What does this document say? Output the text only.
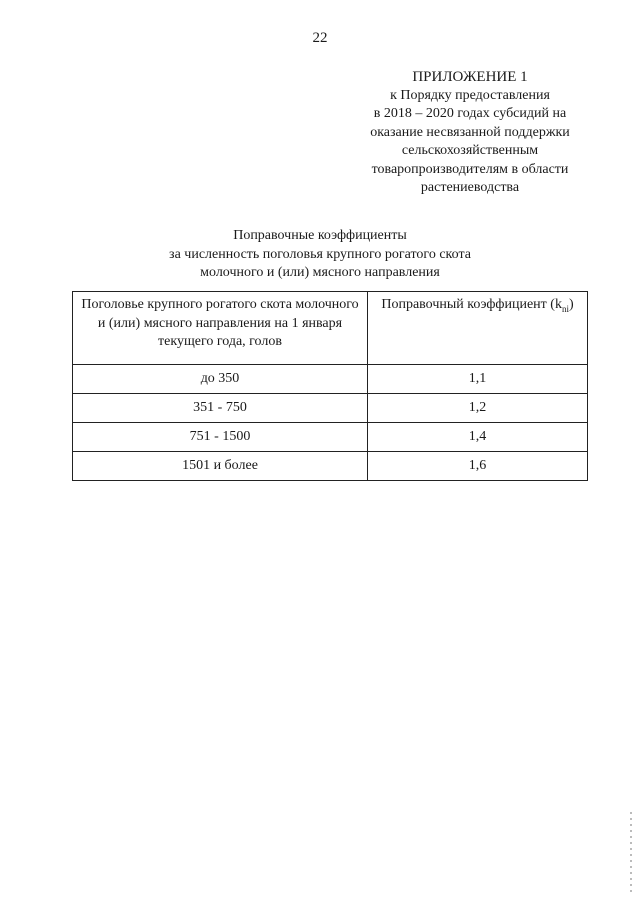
22
ПРИЛОЖЕНИЕ 1
к Порядку предоставления
в 2018 – 2020 годах субсидий на
оказание несвязанной поддержки
сельскохозяйственным
товаропроизводителям в области
растениеводства
Поправочные коэффициенты
за численность поголовья крупного рогатого скота
молочного и (или) мясного направления
Поголовье крупного рогатого скота молочного и (или) мясного направления на 1 января текущего года, голов	Поправочный коэффициент $(k_{ni})$
до 350	1,1
351 - 750	1,2
751 - 1500	1,4
1501 и более	1,6
